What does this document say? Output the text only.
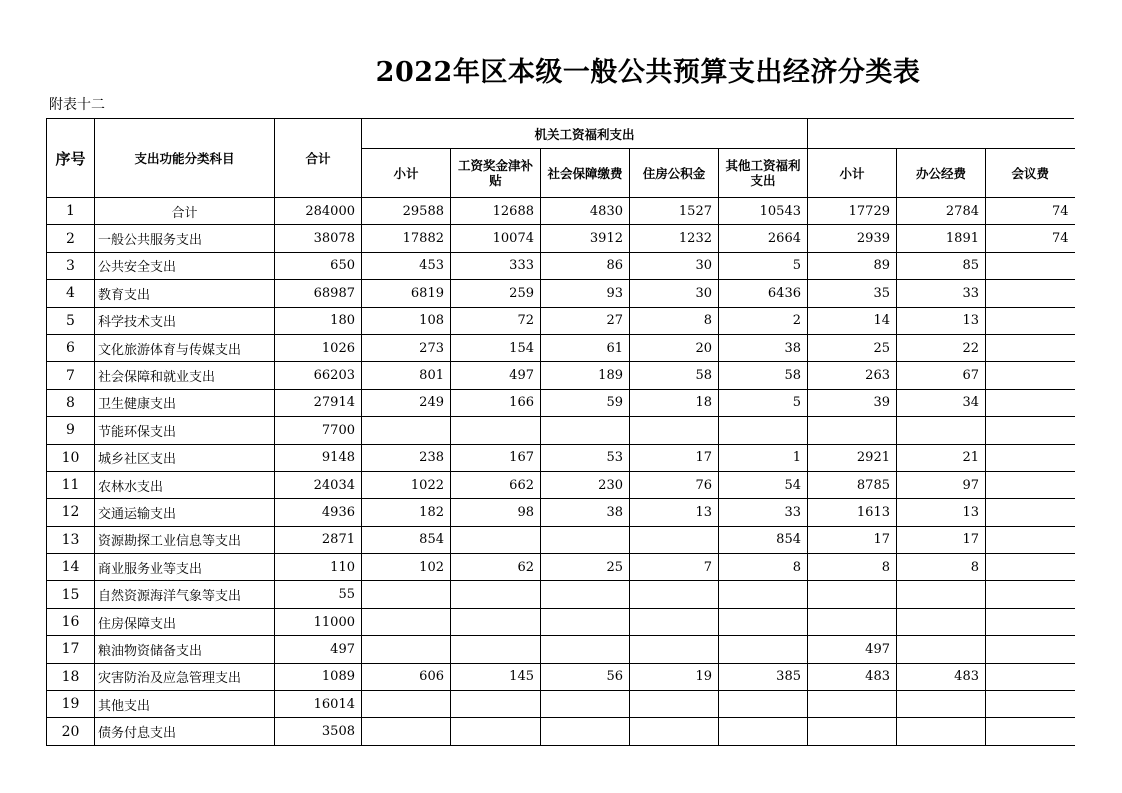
2022年区本级一般公共预算支出经济分类表
附表十二
序号	支出功能分类科目	合计	机关工资福利支出							
			小计	工资奖金津补贴	社会保障缴费	住房公积金	其他工资福利支出	小计	办公经费	会议费
1	合计	284000	29588	12688	4830	1527	10543	17729	2784	74
2	一般公共服务支出	38078	17882	10074	3912	1232	2664	2939	1891	74
3	公共安全支出	650	453	333	86	30	5	89	85	
4	教育支出	68987	6819	259	93	30	6436	35	33	
5	科学技术支出	180	108	72	27	8	2	14	13	
6	文化旅游体育与传媒支出	1026	273	154	61	20	38	25	22	
7	社会保障和就业支出	66203	801	497	189	58	58	263	67	
8	卫生健康支出	27914	249	166	59	18	5	39	34	
9	节能环保支出	7700								
10	城乡社区支出	9148	238	167	53	17	1	2921	21	
11	农林水支出	24034	1022	662	230	76	54	8785	97	
12	交通运输支出	4936	182	98	38	13	33	1613	13	
13	资源勘探工业信息等支出	2871	854				854	17	17	
14	商业服务业等支出	110	102	62	25	7	8	8	8	
15	自然资源海洋气象等支出	55								
16	住房保障支出	11000								
17	粮油物资储备支出	497						497		
18	灾害防治及应急管理支出	1089	606	145	56	19	385	483	483	
19	其他支出	16014								
20	债务付息支出	3508								
